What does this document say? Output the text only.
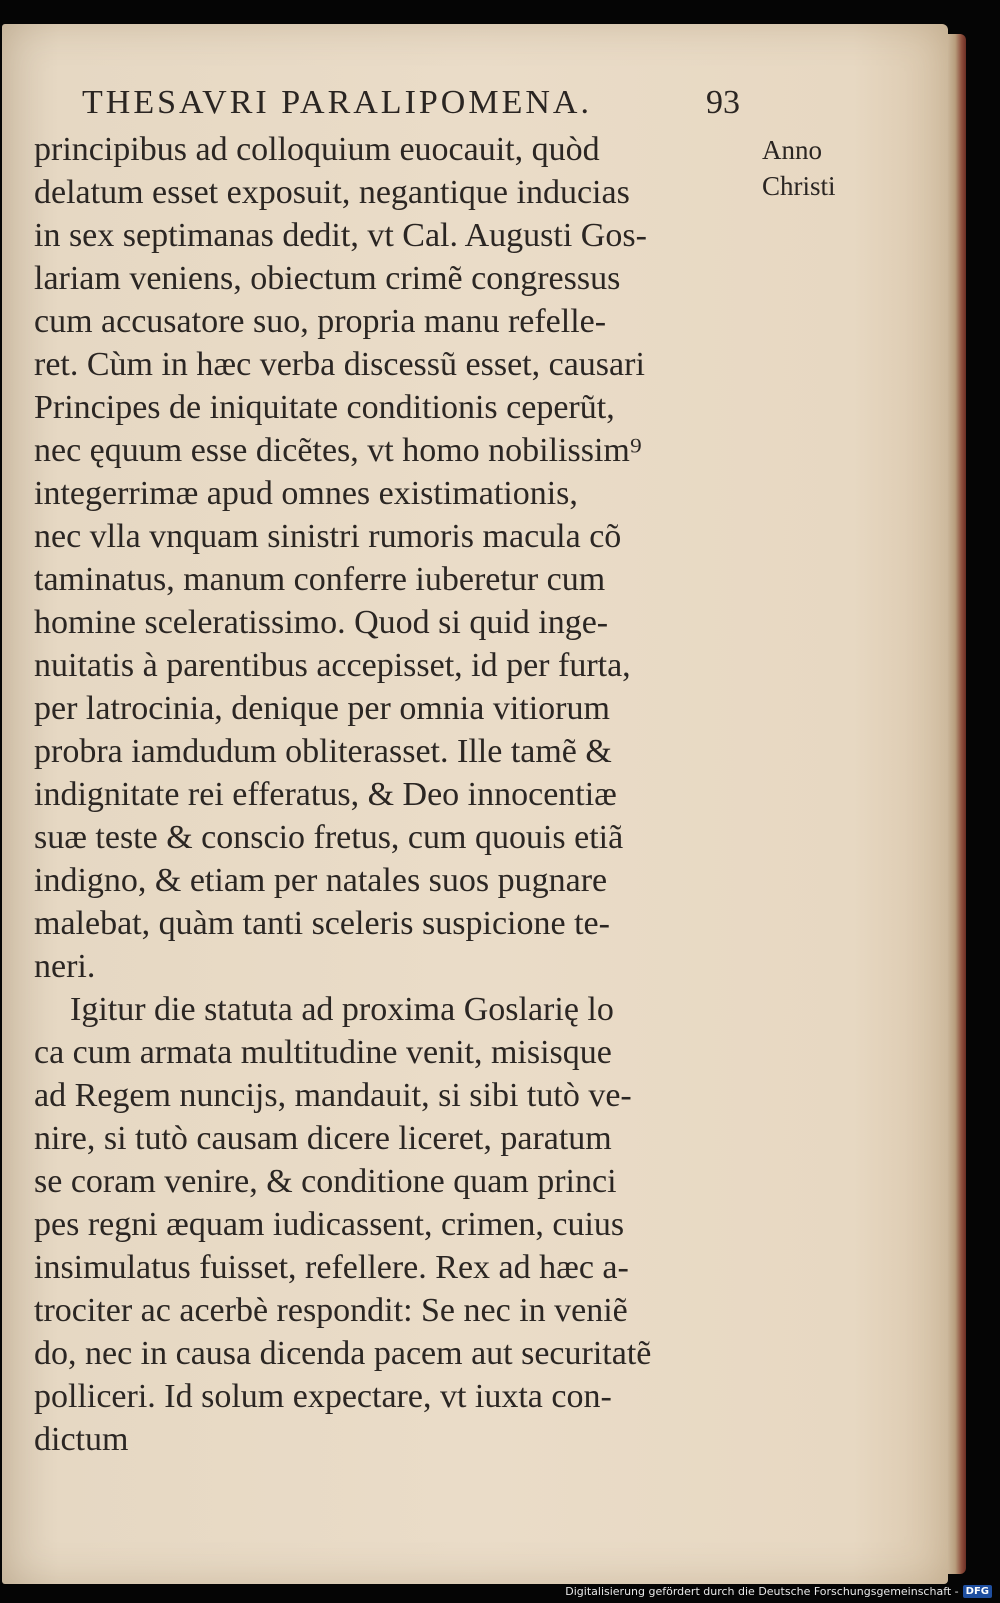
THESAVRI PARALIPOMENA.	93
Anno
Christi
principibus ad colloquium euocauit, quòd
delatum esset exposuit, negantique inducias
in sex septimanas dedit, vt Cal. Augusti Gos-
lariam veniens, obiectum crimẽ congressus
cum accusatore suo, propria manu refelle-
ret. Cùm in hæc verba discessũ esset, causari
Principes de iniquitate conditionis ceperũt,
nec ęquum esse dicẽtes, vt homo nobilissim⁹
integerrimæ apud omnes existimationis,
nec vlla vnquam sinistri rumoris macula cõ
taminatus, manum conferre iuberetur cum
homine sceleratissimo. Quod si quid inge-
nuitatis à parentibus accepisset, id per furta,
per latrocinia, denique per omnia vitiorum
probra iamdudum obliterasset. Ille tamẽ &
indignitate rei efferatus, & Deo innocentiæ
suæ teste & conscio fretus, cum quouis etiã
indigno, & etiam per natales suos pugnare
malebat, quàm tanti sceleris suspicione te-
neri.
Igitur die statuta ad proxima Goslarię lo
ca cum armata multitudine venit, misisque
ad Regem nuncijs, mandauit, si sibi tutò ve-
nire, si tutò causam dicere liceret, paratum
se coram venire, & conditione quam princi
pes regni æquam iudicassent, crimen, cuius
insimulatus fuisset, refellere. Rex ad hæc a-
trociter ac acerbè respondit: Se nec in veniẽ
do, nec in causa dicenda pacem aut securitatẽ
polliceri. Id solum expectare, vt iuxta con-
dictum
Digitalisierung gefördert durch die Deutsche Forschungsgemeinschaft - DFG
